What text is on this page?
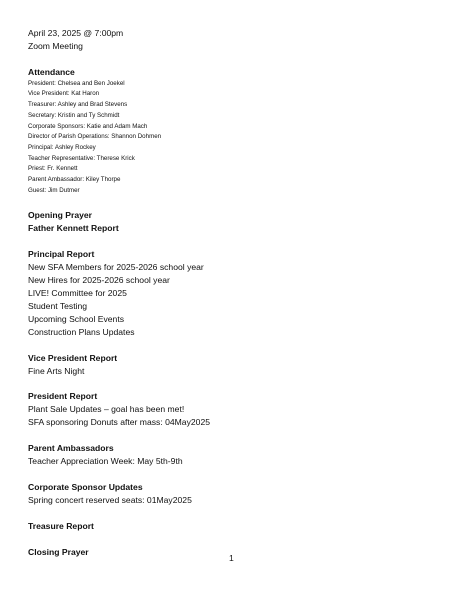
April 23, 2025 @ 7:00pm
Zoom Meeting
Attendance
President: Chelsea and Ben Joekel
Vice President: Kat Haron
Treasurer: Ashley and Brad Stevens
Secretary: Kristin and Ty Schmidt
Corporate Sponsors: Katie and Adam Mach
Director of Parish Operations: Shannon Dohmen
Principal: Ashley Rockey
Teacher Representative: Therese Krick
Priest: Fr. Kennett
Parent Ambassador: Kiley Thorpe
Guest: Jim Dutmer
Opening Prayer
Father Kennett Report
Principal Report
New SFA Members for 2025-2026 school year
New Hires for 2025-2026 school year
LIVE! Committee for 2025
Student Testing
Upcoming School Events
Construction Plans Updates
Vice President Report
Fine Arts Night
President Report
Plant Sale Updates – goal has been met!
SFA sponsoring Donuts after mass: 04May2025
Parent Ambassadors
Teacher Appreciation Week: May 5th-9th
Corporate Sponsor Updates
Spring concert reserved seats: 01May2025
Treasure Report
Closing Prayer
1
